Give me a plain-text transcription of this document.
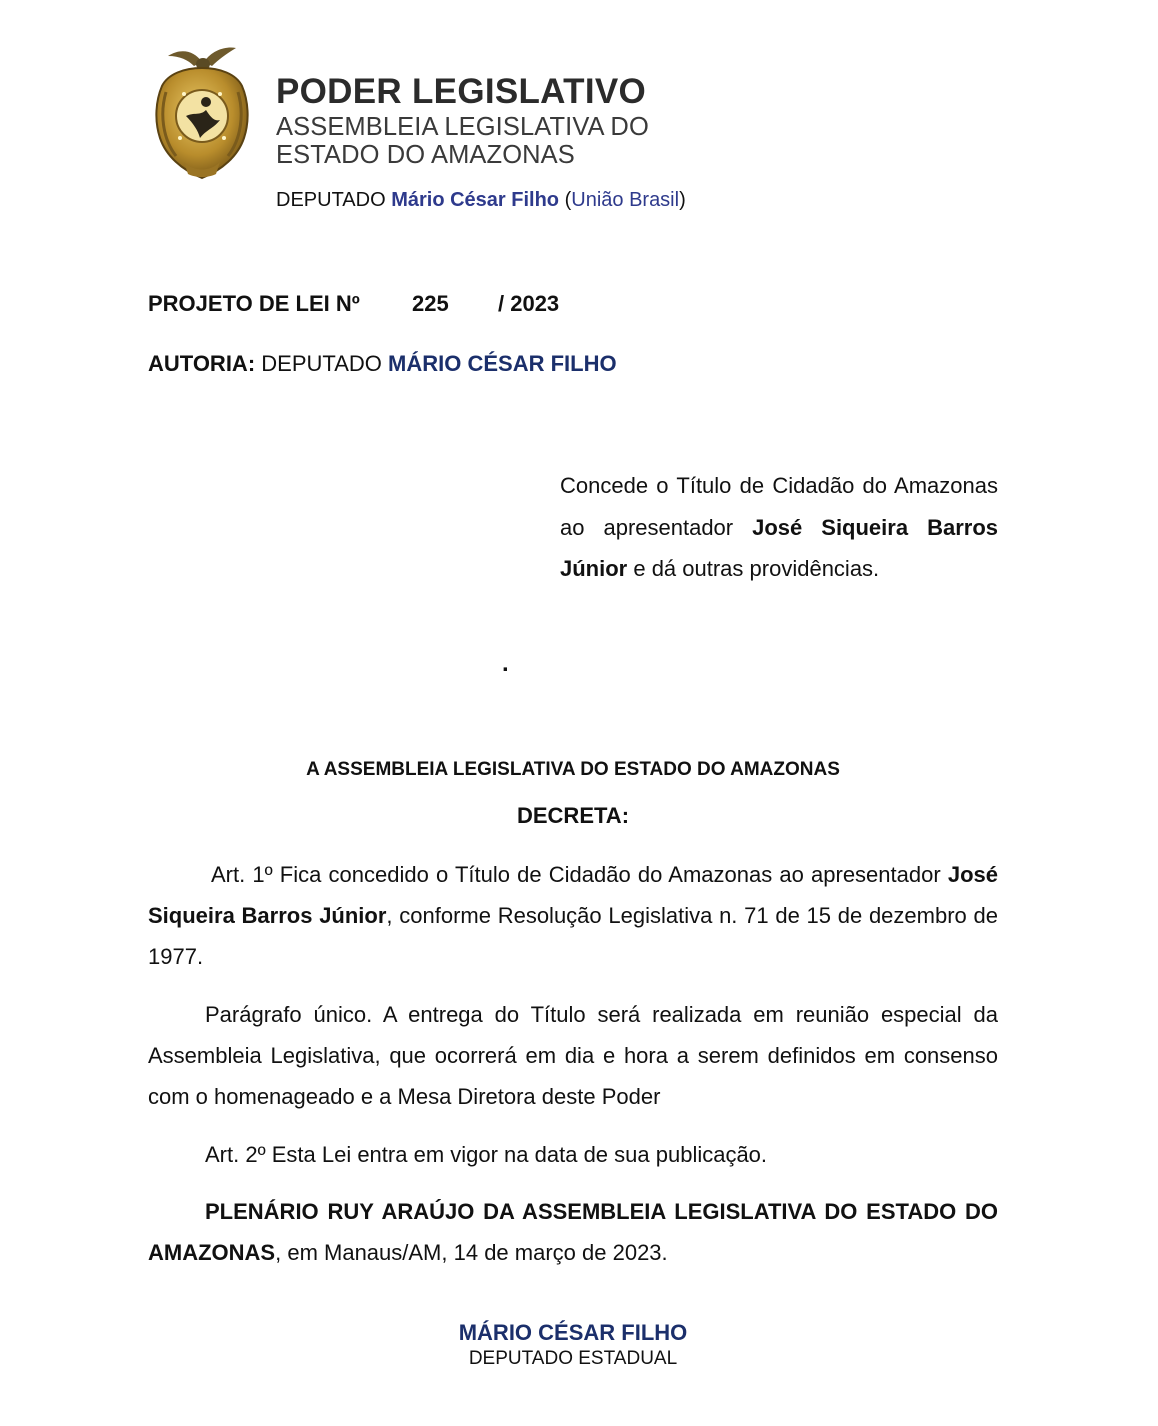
PODER LEGISLATIVO
ASSEMBLEIA LEGISLATIVA DO
ESTADO DO AMAZONAS
DEPUTADO Mário César Filho (União Brasil)
PROJETO DE LEI Nº 225 / 2023
AUTORIA: DEPUTADO MÁRIO CÉSAR FILHO
Concede o Título de Cidadão do Amazonas ao apresentador José Siqueira Barros Júnior e dá outras providências.
.
A ASSEMBLEIA LEGISLATIVA DO ESTADO DO AMAZONAS
DECRETA:
Art. 1º Fica concedido o Título de Cidadão do Amazonas ao apresentador José Siqueira Barros Júnior, conforme Resolução Legislativa n. 71 de 15 de dezembro de 1977.
Parágrafo único. A entrega do Título será realizada em reunião especial da Assembleia Legislativa, que ocorrerá em dia e hora a serem definidos em consenso com o homenageado e a Mesa Diretora deste Poder
Art. 2º Esta Lei entra em vigor na data de sua publicação.
PLENÁRIO RUY ARAÚJO DA ASSEMBLEIA LEGISLATIVA DO ESTADO DO AMAZONAS, em Manaus/AM, 14 de março de 2023.
MÁRIO CÉSAR FILHO
DEPUTADO ESTADUAL
